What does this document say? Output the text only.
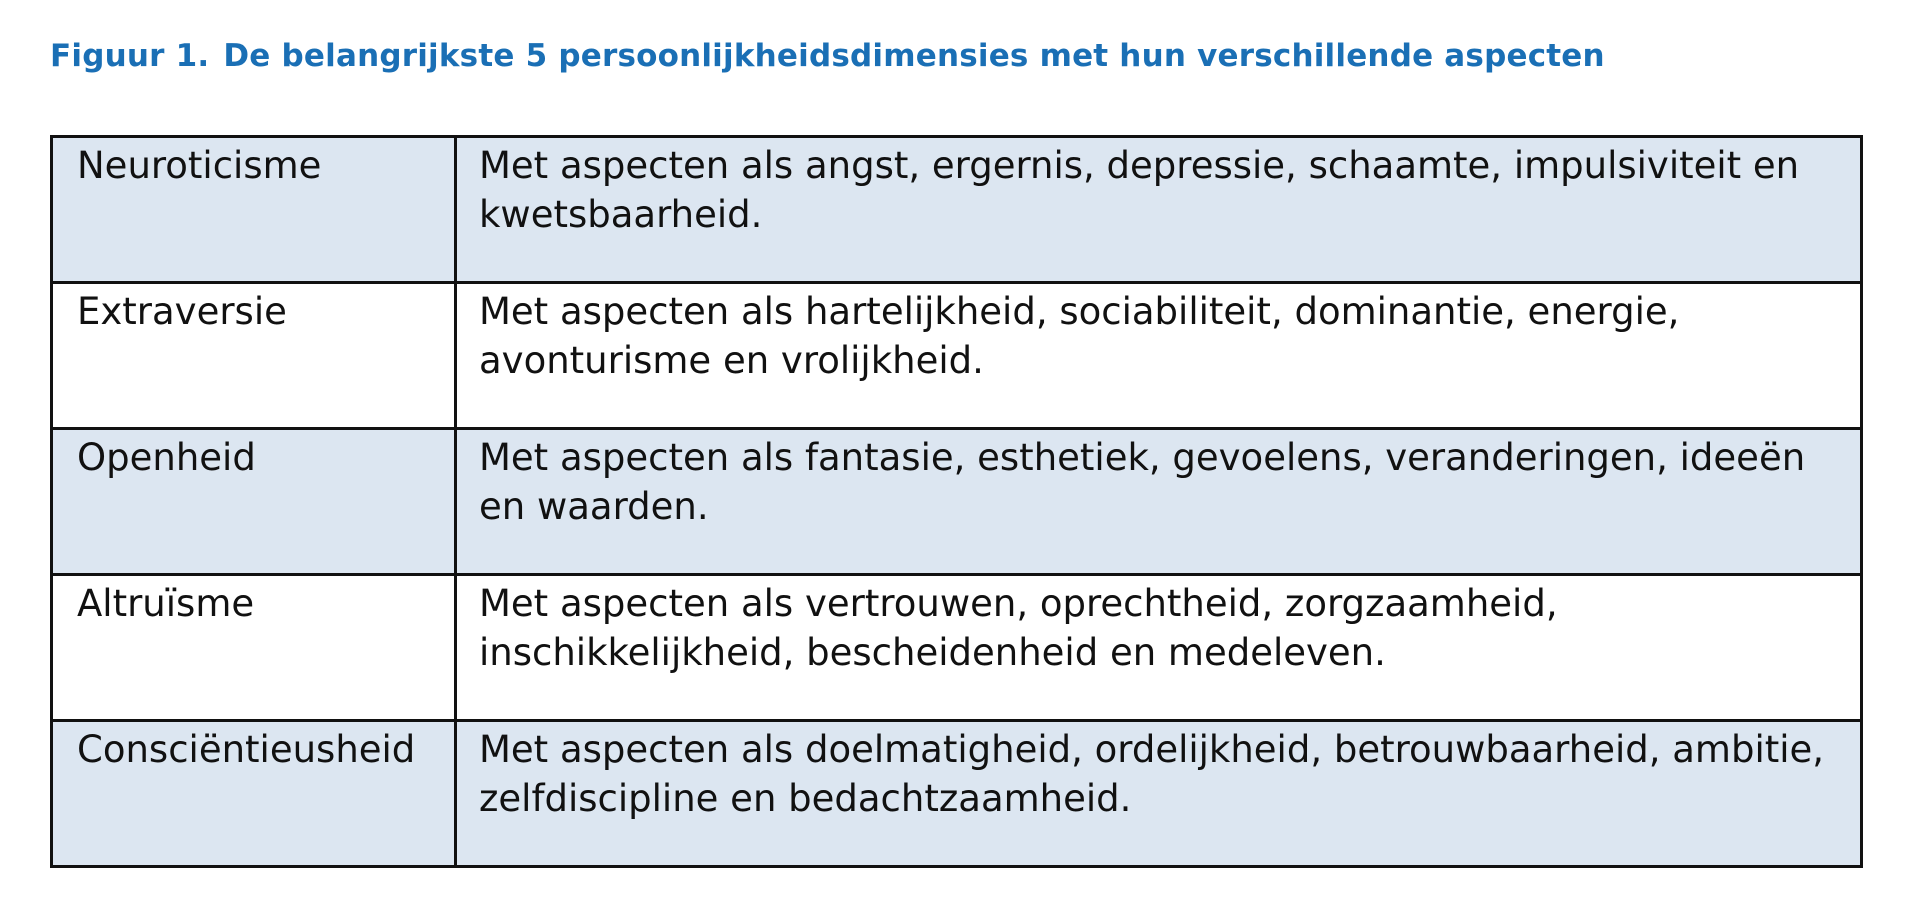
Figuur 1. De belangrijkste 5 persoonlijkheidsdimensies met hun verschillende aspecten
Neuroticisme	Met aspecten als angst, ergernis, depressie, schaamte, impulsiviteit en kwetsbaarheid.
Extraversie	Met aspecten als hartelijkheid, sociabiliteit, dominantie, energie, avonturisme en vrolijkheid.
Openheid	Met aspecten als fantasie, esthetiek, gevoelens, veranderingen, ideeën en waarden.
Altruïsme	Met aspecten als vertrouwen, oprechtheid, zorgzaamheid, inschikkelijkheid, bescheidenheid en medeleven.
Consciëntieusheid	Met aspecten als doelmatigheid, ordelijkheid, betrouwbaarheid, ambitie, zelfdiscipline en bedachtzaamheid.
